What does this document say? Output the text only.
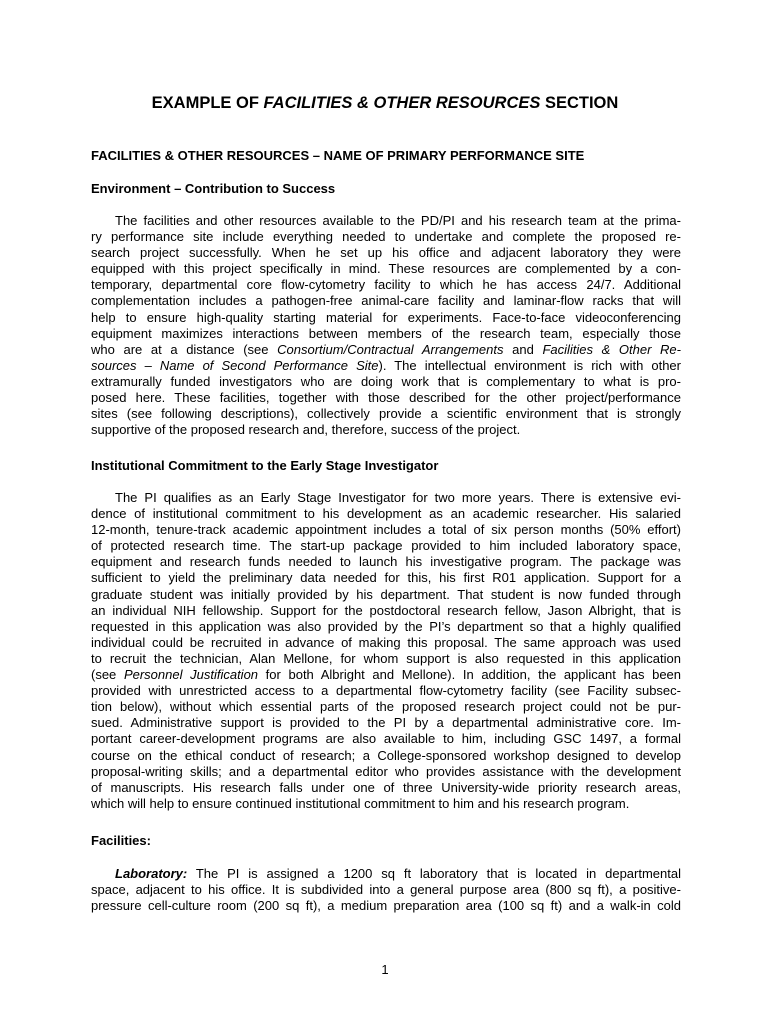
EXAMPLE OF FACILITIES & OTHER RESOURCES SECTION
FACILITIES & OTHER RESOURCES – NAME OF PRIMARY PERFORMANCE SITE
Environment – Contribution to Success
The facilities and other resources available to the PD/PI and his research team at the prima-
ry performance site include everything needed to undertake and complete the proposed re-
search project successfully. When he set up his office and adjacent laboratory they were
equipped with this project specifically in mind. These resources are complemented by a con-
temporary, departmental core flow-cytometry facility to which he has access 24/7. Additional
complementation includes a pathogen-free animal-care facility and laminar-flow racks that will
help to ensure high-quality starting material for experiments. Face-to-face videoconferencing
equipment maximizes interactions between members of the research team, especially those
who are at a distance (see Consortium/Contractual Arrangements and Facilities & Other Re-
sources – Name of Second Performance Site). The intellectual environment is rich with other
extramurally funded investigators who are doing work that is complementary to what is pro-
posed here. These facilities, together with those described for the other project/performance
sites (see following descriptions), collectively provide a scientific environment that is strongly
supportive of the proposed research and, therefore, success of the project.
Institutional Commitment to the Early Stage Investigator
The PI qualifies as an Early Stage Investigator for two more years. There is extensive evi-
dence of institutional commitment to his development as an academic researcher. His salaried
12-month, tenure-track academic appointment includes a total of six person months (50% effort)
of protected research time. The start-up package provided to him included laboratory space,
equipment and research funds needed to launch his investigative program. The package was
sufficient to yield the preliminary data needed for this, his first R01 application. Support for a
graduate student was initially provided by his department. That student is now funded through
an individual NIH fellowship. Support for the postdoctoral research fellow, Jason Albright, that is
requested in this application was also provided by the PI’s department so that a highly qualified
individual could be recruited in advance of making this proposal. The same approach was used
to recruit the technician, Alan Mellone, for whom support is also requested in this application
(see Personnel Justification for both Albright and Mellone). In addition, the applicant has been
provided with unrestricted access to a departmental flow-cytometry facility (see Facility subsec-
tion below), without which essential parts of the proposed research project could not be pur-
sued. Administrative support is provided to the PI by a departmental administrative core. Im-
portant career-development programs are also available to him, including GSC 1497, a formal
course on the ethical conduct of research; a College-sponsored workshop designed to develop
proposal-writing skills; and a departmental editor who provides assistance with the development
of manuscripts. His research falls under one of three University-wide priority research areas,
which will help to ensure continued institutional commitment to him and his research program.
Facilities:
Laboratory: The PI is assigned a 1200 sq ft laboratory that is located in departmental
space, adjacent to his office. It is subdivided into a general purpose area (800 sq ft), a positive-
pressure cell-culture room (200 sq ft), a medium preparation area (100 sq ft) and a walk-in cold
1
